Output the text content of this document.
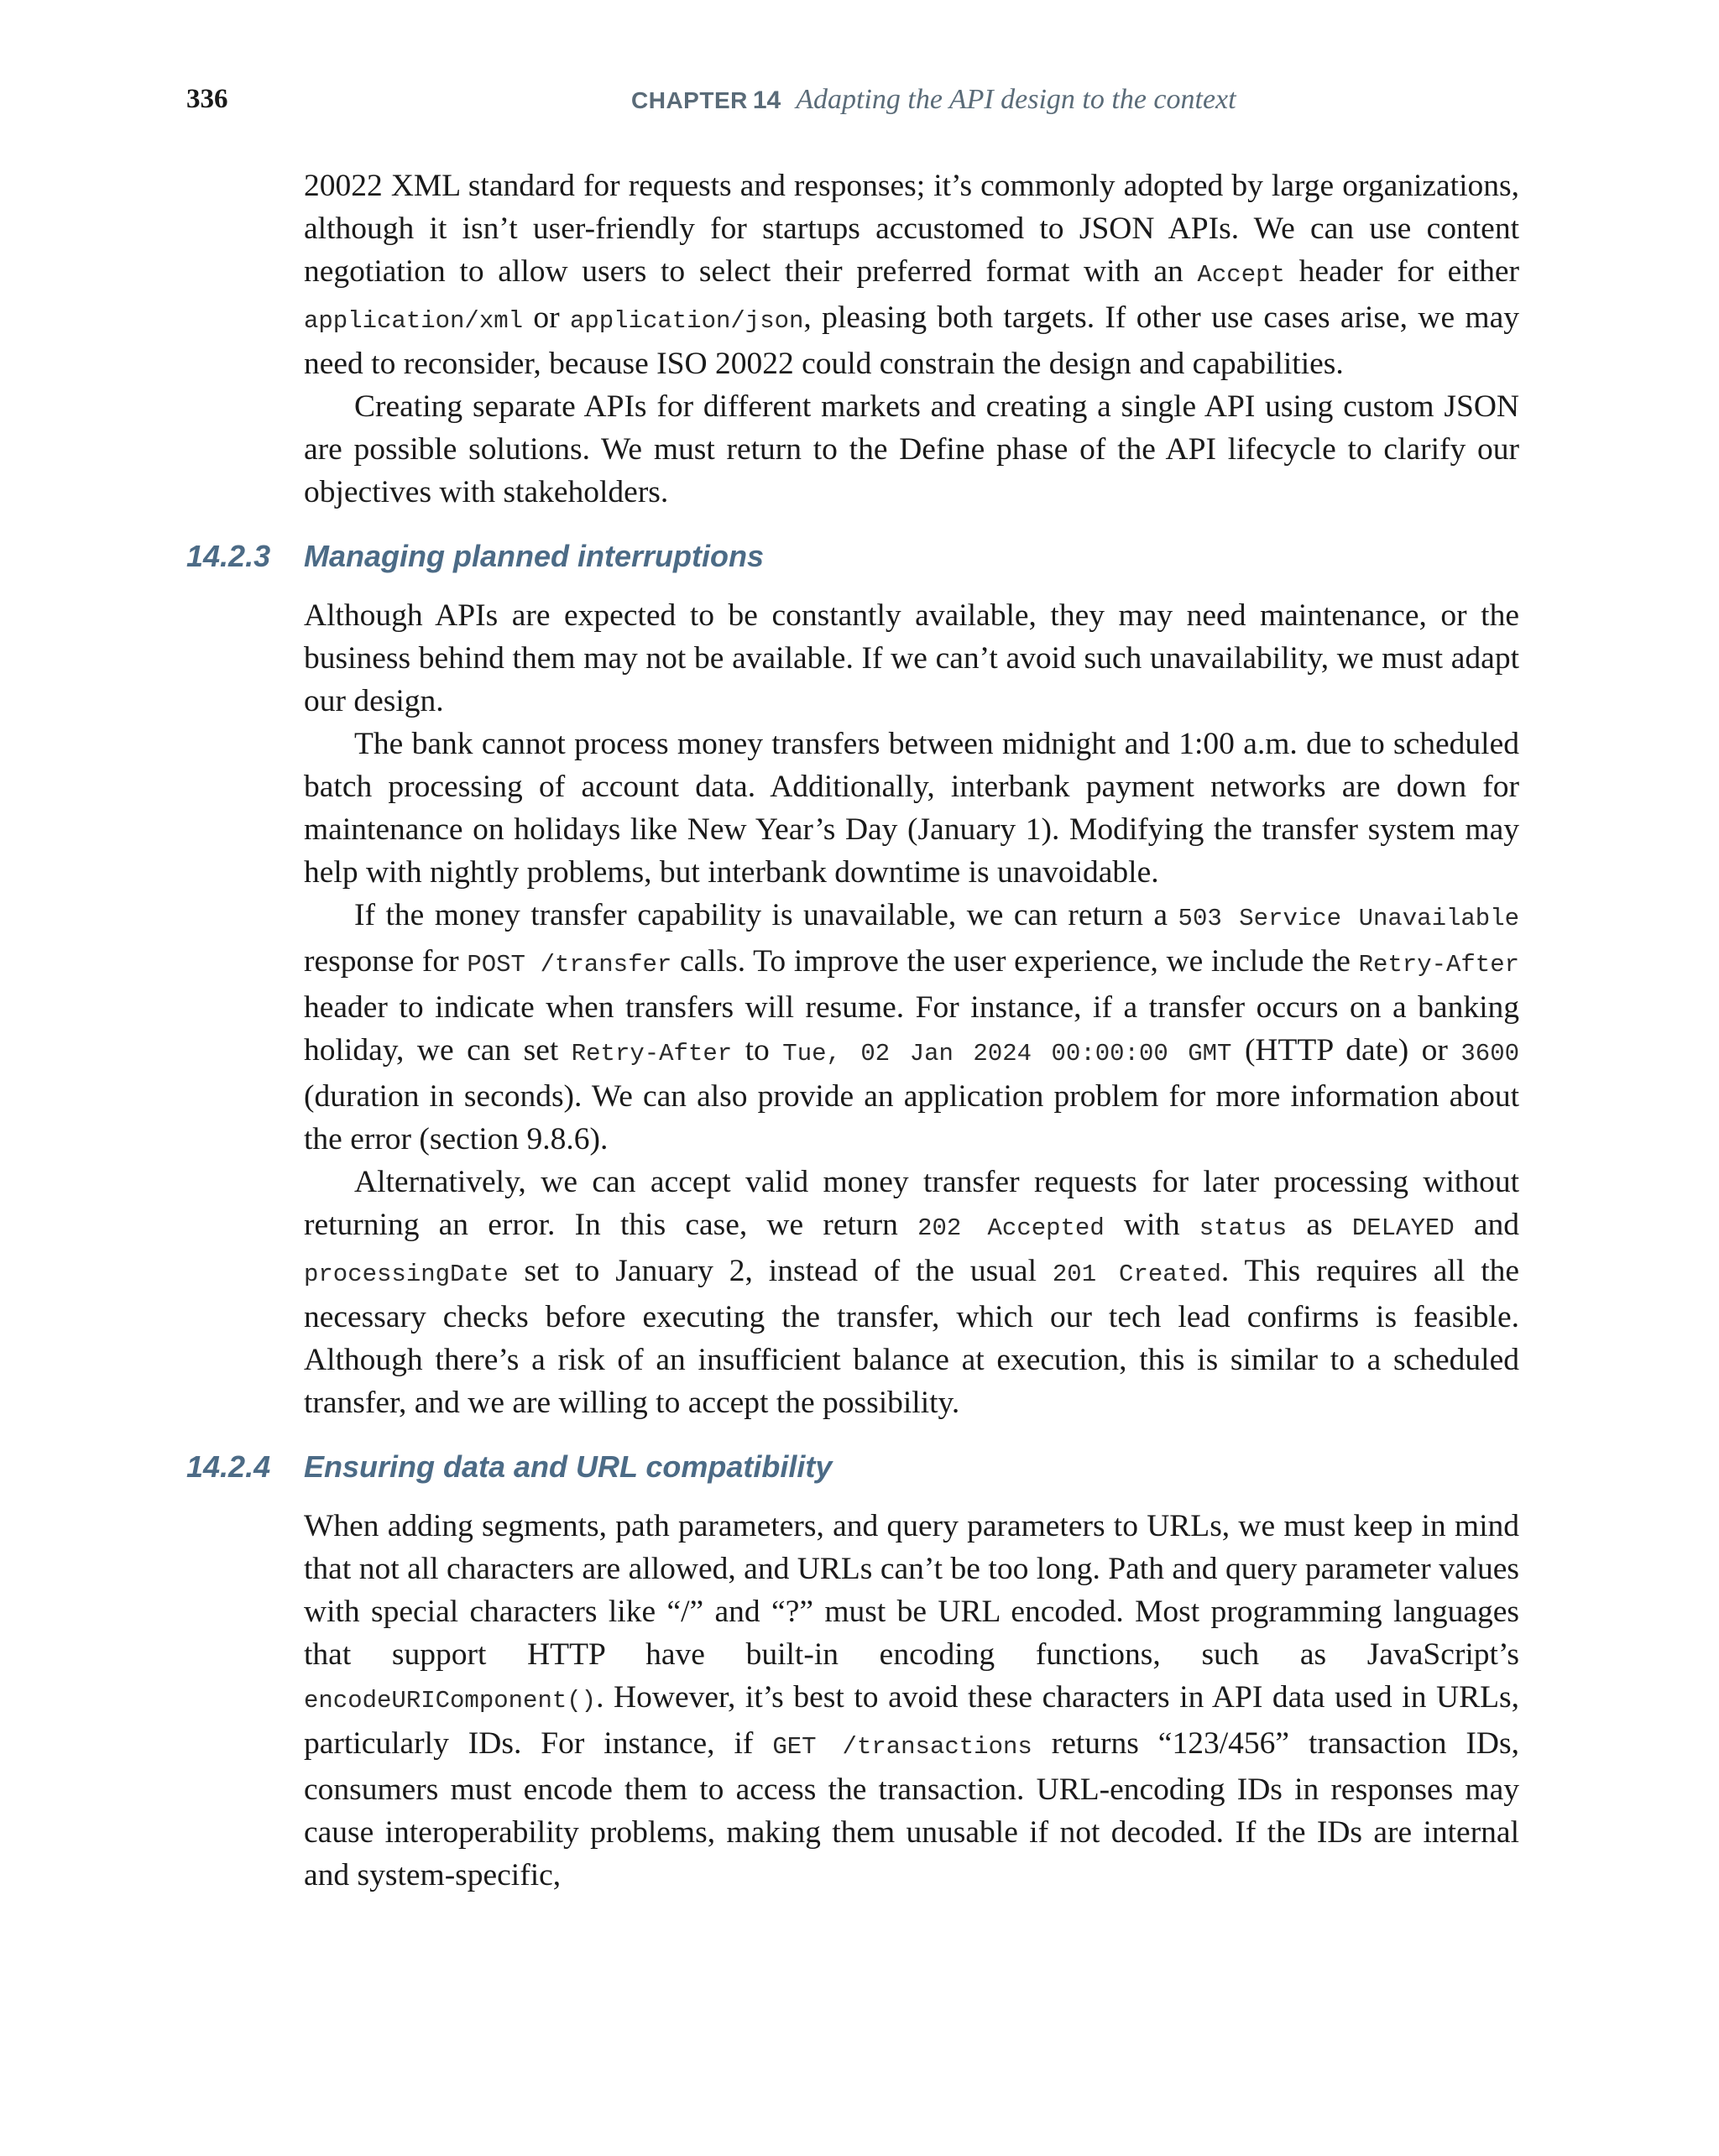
336	CHAPTER 14 Adapting the API design to the context

20022 XML standard for requests and responses; it’s commonly adopted by large organizations, although it isn’t user-friendly for startups accustomed to JSON APIs. We can use content negotiation to allow users to select their preferred format with an Accept header for either application/xml or application/json, pleasing both targets. If other use cases arise, we may need to reconsider, because ISO 20022 could constrain the design and capabilities.

Creating separate APIs for different markets and creating a single API using custom JSON are possible solutions. We must return to the Define phase of the API lifecycle to clarify our objectives with stakeholders.

14.2.3 Managing planned interruptions

Although APIs are expected to be constantly available, they may need maintenance, or the business behind them may not be available. If we can’t avoid such unavailability, we must adapt our design.

The bank cannot process money transfers between midnight and 1:00 a.m. due to scheduled batch processing of account data. Additionally, interbank payment networks are down for maintenance on holidays like New Year’s Day (January 1). Modifying the transfer system may help with nightly problems, but interbank downtime is unavoidable.

If the money transfer capability is unavailable, we can return a 503 Service Unavailable response for POST /transfer calls. To improve the user experience, we include the Retry-After header to indicate when transfers will resume. For instance, if a transfer occurs on a banking holiday, we can set Retry-After to Tue, 02 Jan 2024 00:00:00 GMT (HTTP date) or 3600 (duration in seconds). We can also provide an application problem for more information about the error (section 9.8.6).

Alternatively, we can accept valid money transfer requests for later processing without returning an error. In this case, we return 202 Accepted with status as DELAYED and processingDate set to January 2, instead of the usual 201 Created. This requires all the necessary checks before executing the transfer, which our tech lead confirms is feasible. Although there’s a risk of an insufficient balance at execution, this is similar to a scheduled transfer, and we are willing to accept the possibility.

14.2.4 Ensuring data and URL compatibility

When adding segments, path parameters, and query parameters to URLs, we must keep in mind that not all characters are allowed, and URLs can’t be too long. Path and query parameter values with special characters like “/” and “?” must be URL encoded. Most programming languages that support HTTP have built-in encoding functions, such as JavaScript’s encodeURIComponent(). However, it’s best to avoid these characters in API data used in URLs, particularly IDs. For instance, if GET /transactions returns “123/456” transaction IDs, consumers must encode them to access the transaction. URL-encoding IDs in responses may cause interoperability problems, making them unusable if not decoded. If the IDs are internal and system-specific,
